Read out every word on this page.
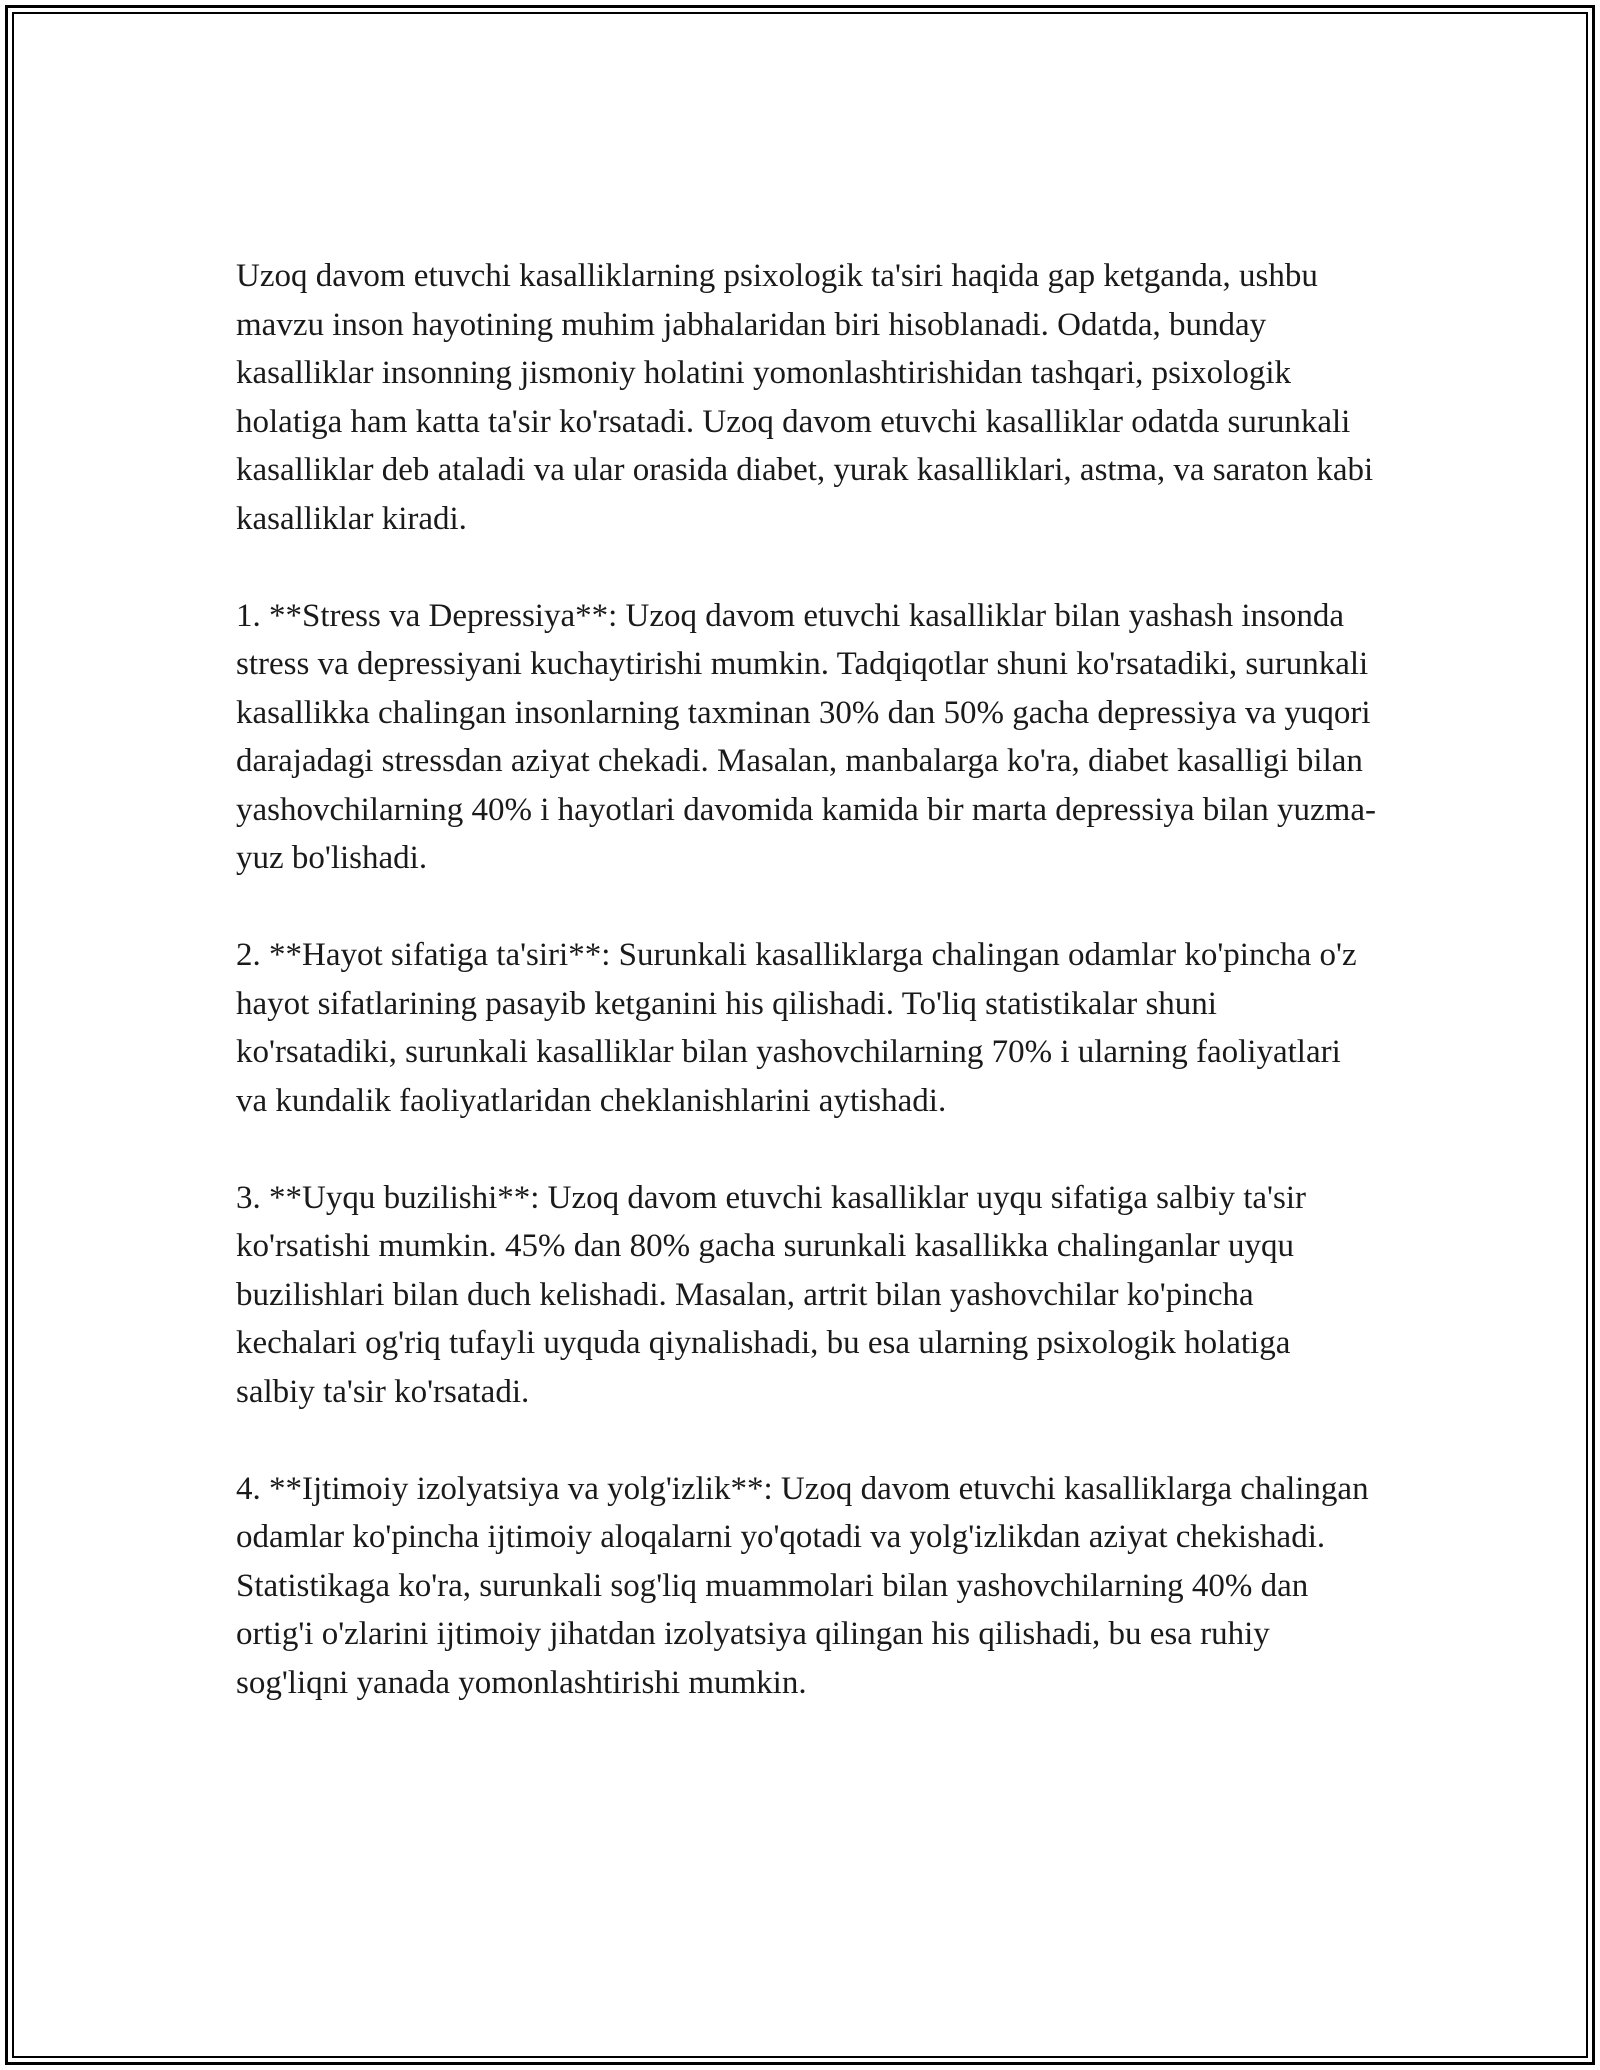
Uzoq davom etuvchi kasalliklarning psixologik ta'siri haqida gap ketganda, ushbu mavzu inson hayotining muhim jabhalaridan biri hisoblanadi. Odatda, bunday kasalliklar insonning jismoniy holatini yomonlashtirishidan tashqari, psixologik holatiga ham katta ta'sir ko'rsatadi. Uzoq davom etuvchi kasalliklar odatda surunkali kasalliklar deb ataladi va ular orasida diabet, yurak kasalliklari, astma, va saraton kabi kasalliklar kiradi.

1. **Stress va Depressiya**: Uzoq davom etuvchi kasalliklar bilan yashash insonda stress va depressiyani kuchaytirishi mumkin. Tadqiqotlar shuni ko'rsatadiki, surunkali kasallikka chalingan insonlarning taxminan 30% dan 50% gacha depressiya va yuqori darajadagi stressdan aziyat chekadi. Masalan, manbalarga ko'ra, diabet kasalligi bilan yashovchilarning 40% i hayotlari davomida kamida bir marta depressiya bilan yuzma-yuz bo'lishadi.

2. **Hayot sifatiga ta'siri**: Surunkali kasalliklarga chalingan odamlar ko'pincha o'z hayot sifatlarining pasayib ketganini his qilishadi. To'liq statistikalar shuni ko'rsatadiki, surunkali kasalliklar bilan yashovchilarning 70% i ularning faoliyatlari va kundalik faoliyatlaridan cheklanishlarini aytishadi.

3. **Uyqu buzilishi**: Uzoq davom etuvchi kasalliklar uyqu sifatiga salbiy ta'sir ko'rsatishi mumkin. 45% dan 80% gacha surunkali kasallikka chalinganlar uyqu buzilishlari bilan duch kelishadi. Masalan, artrit bilan yashovchilar ko'pincha kechalari og'riq tufayli uyquda qiynalishadi, bu esa ularning psixologik holatiga salbiy ta'sir ko'rsatadi.

4. **Ijtimoiy izolyatsiya va yolg'izlik**: Uzoq davom etuvchi kasalliklarga chalingan odamlar ko'pincha ijtimoiy aloqalarni yo'qotadi va yolg'izlikdan aziyat chekishadi. Statistikaga ko'ra, surunkali sog'liq muammolari bilan yashovchilarning 40% dan ortig'i o'zlarini ijtimoiy jihatdan izolyatsiya qilingan his qilishadi, bu esa ruhiy sog'liqni yanada yomonlashtirishi mumkin.
